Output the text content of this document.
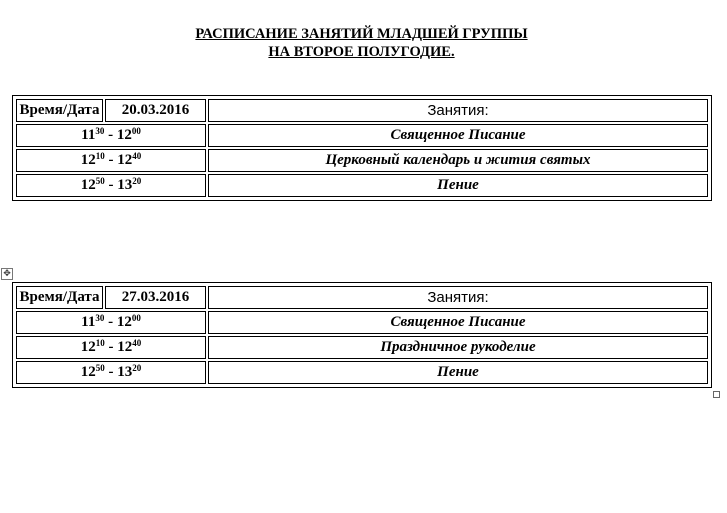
РАСПИСАНИЕ ЗАНЯТИЙ МЛАДШЕЙ ГРУППЫ
НА ВТОРОЕ ПОЛУГОДИЕ.
Время/Дата	20.03.2016	Занятия:
$11^{30} - 12^{00}$		Священное Писание
$12^{10} - 12^{40}$		Церковный календарь и жития святых
$12^{50} - 13^{20}$		Пение
✥
Время/Дата	27.03.2016	Занятия:
$11^{30} - 12^{00}$		Священное Писание
$12^{10} - 12^{40}$		Праздничное рукоделие
$12^{50} - 13^{20}$		Пение
